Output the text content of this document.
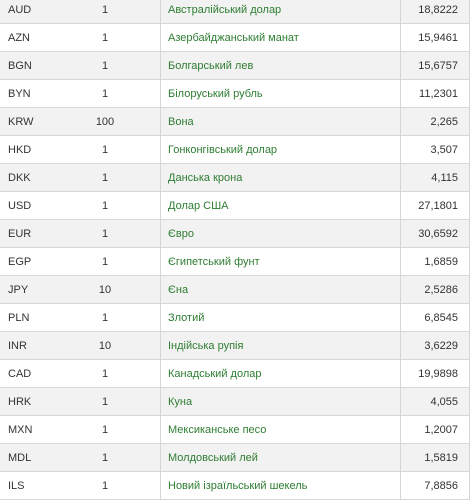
AUD	1	Австралійський долар	18,8222
AZN	1	Азербайджанський манат	15,9461
BGN	1	Болгарський лев	15,6757
BYN	1	Білоруський рубль	11,2301
KRW	100	Вона	2,265
HKD	1	Гонконгівський долар	3,507
DKK	1	Данська крона	4,115
USD	1	Долар США	27,1801
EUR	1	Євро	30,6592
EGP	1	Єгипетський фунт	1,6859
JPY	10	Єна	2,5286
PLN	1	Злотий	6,8545
INR	10	Індійська рупія	3,6229
CAD	1	Канадський долар	19,9898
HRK	1	Куна	4,055
MXN	1	Мексиканське песо	1,2007
MDL	1	Молдовський лей	1,5819
ILS	1	Новий ізраїльський шекель	7,8856
